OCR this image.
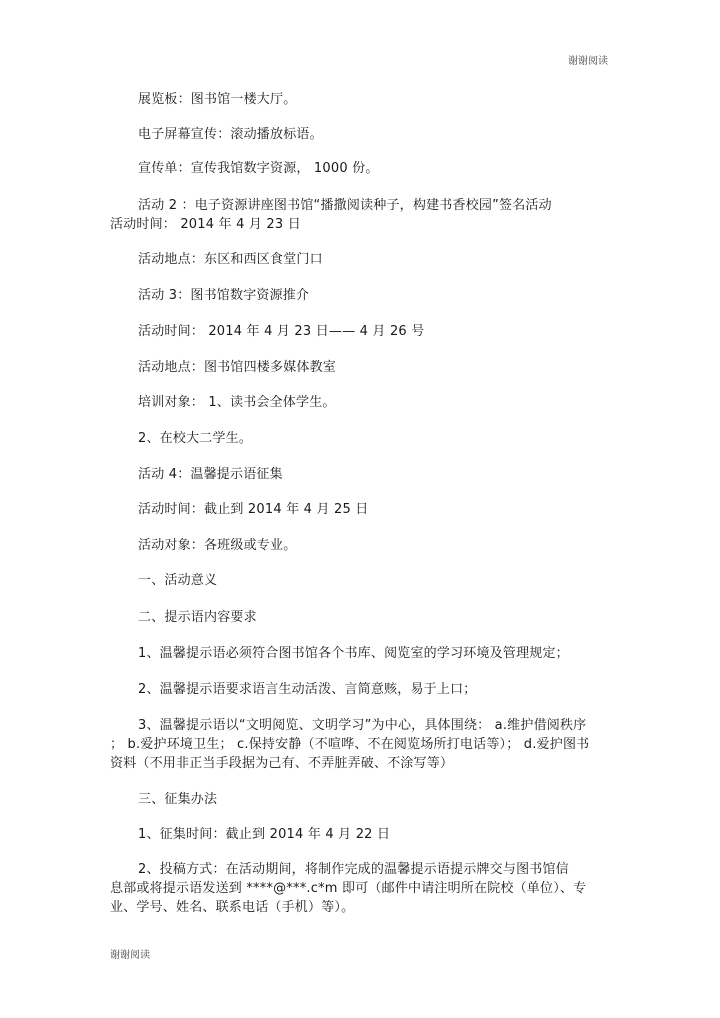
谢谢阅读
展览板：图书馆一楼大厅。
电子屏幕宣传：滚动播放标语。
宣传单：宣传我馆数字资源， 1000 份。
活动 2 ：电子资源讲座图书馆“播撒阅读种子，构建书香校园”签名活动
活动时间： 2014 年 4 月 23 日
活动地点：东区和西区食堂门口
活动 3：图书馆数字资源推介
活动时间： 2014 年 4 月 23 日—— 4 月 26 号
活动地点：图书馆四楼多媒体教室
培训对象： 1、读书会全体学生。
2、在校大二学生。
活动 4：温馨提示语征集
活动时间：截止到 2014 年 4 月 25 日
活动对象：各班级或专业。
一、活动意义
二、提示语内容要求
1、温馨提示语必须符合图书馆各个书库、阅览室的学习环境及管理规定；
2、温馨提示语要求语言生动活泼、言简意赅，易于上口；
3、温馨提示语以“文明阅览、文明学习”为中心，具体围绕： a.维护借阅秩序
； b.爱护环境卫生； c.保持安静（不喧哗、不在阅览场所打电话等）； d.爱护图书
资料（不用非正当手段据为己有、不弄脏弄破、不涂写等）
三、征集办法
1、征集时间：截止到 2014 年 4 月 22 日
2、投稿方式：在活动期间，将制作完成的温馨提示语提示牌交与图书馆信
息部或将提示语发送到 ****@***.c*m 即可（邮件中请注明所在院校（单位）、专
业、学号、姓名、联系电话（手机）等）。
谢谢阅读
